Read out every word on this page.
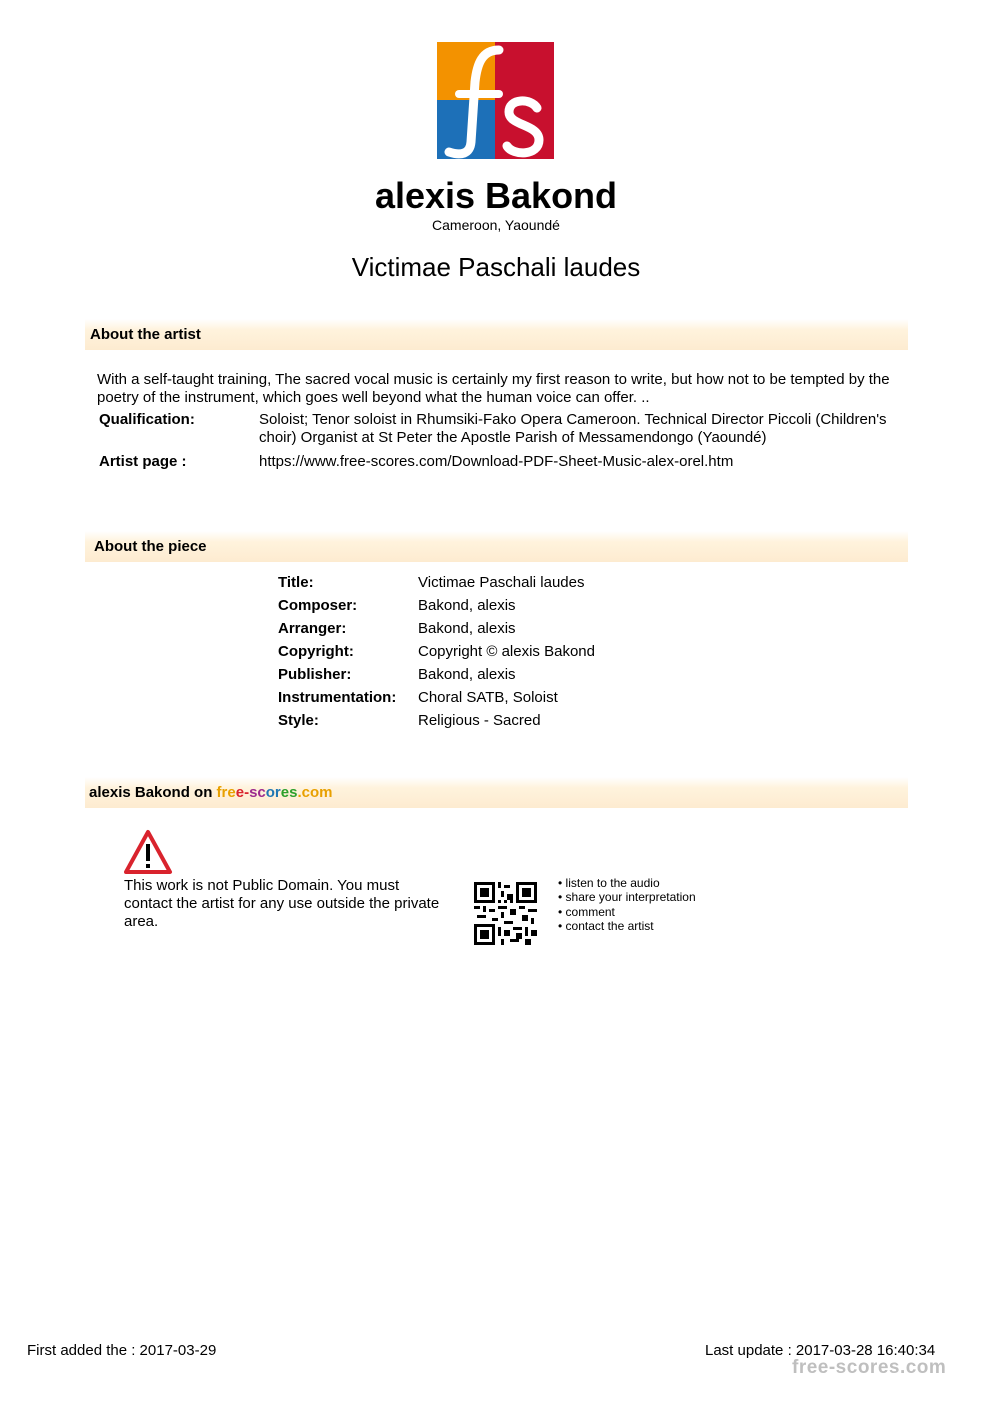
alexis Bakond
Cameroon, Yaoundé
Victimae Paschali laudes
About the artist
With a self-taught training, The sacred vocal music is certainly my first reason to write, but how not to be tempted by the poetry of the instrument, which goes well beyond what the human voice can offer. ..
Qualification:	Soloist; Tenor soloist in Rhumsiki-Fako Opera Cameroon. Technical Director Piccoli (Children's choir) Organist at St Peter the Apostle Parish of Messamendongo (Yaoundé)
Artist page :	https://www.free-scores.com/Download-PDF-Sheet-Music-alex-orel.htm
About the piece
Title:	Victimae Paschali laudes
Composer:	Bakond, alexis
Arranger:	Bakond, alexis
Copyright:	Copyright © alexis Bakond
Publisher:	Bakond, alexis
Instrumentation: Choral SATB, Soloist
Style:	Religious - Sacred
alexis Bakond on free-scores.com
This work is not Public Domain. You must contact the artist for any use outside the private area.
• listen to the audio
• share your interpretation
• comment
• contact the artist
First added the : 2017-03-29	Last update : 2017-03-28 16:40:34
free-scores.com
